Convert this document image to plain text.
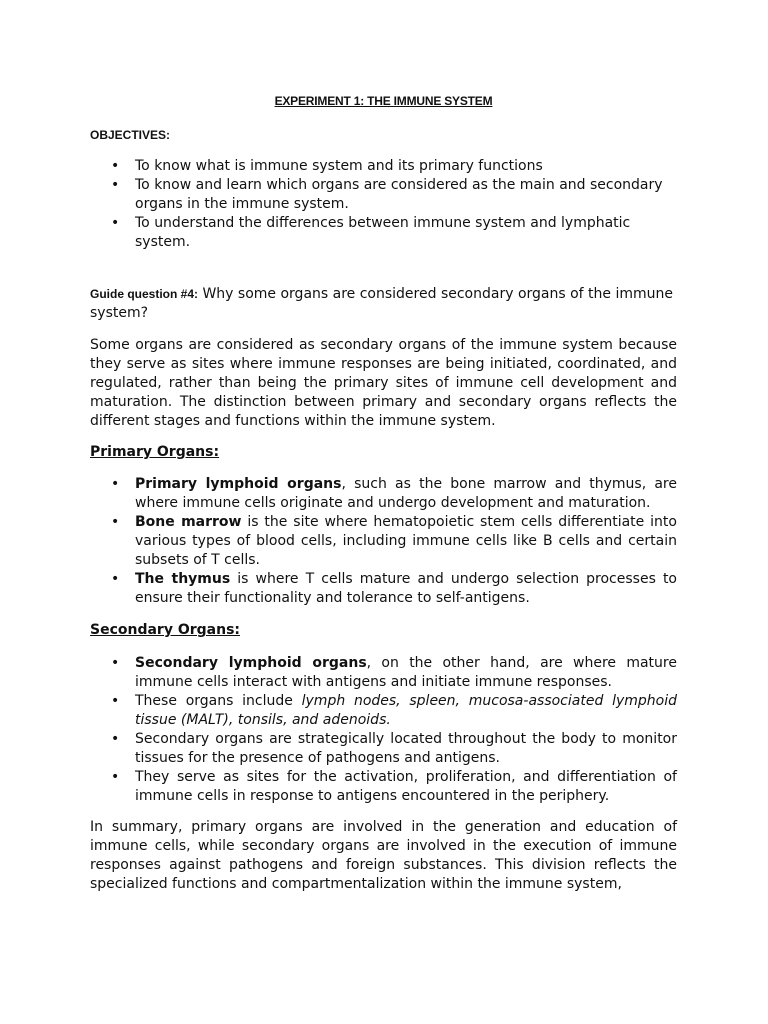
EXPERIMENT 1: THE IMMUNE SYSTEM
OBJECTIVES:
• To know what is immune system and its primary functions
• To know and learn which organs are considered as the main and secondary organs in the immune system.
• To understand the differences between immune system and lymphatic system.
Guide question #4: Why some organs are considered secondary organs of the immune system?
Some organs are considered as secondary organs of the immune system because they serve as sites where immune responses are being initiated, coordinated, and regulated, rather than being the primary sites of immune cell development and maturation. The distinction between primary and secondary organs reflects the different stages and functions within the immune system.
Primary Organs:
• Primary lymphoid organs, such as the bone marrow and thymus, are where immune cells originate and undergo development and maturation.
• Bone marrow is the site where hematopoietic stem cells differentiate into various types of blood cells, including immune cells like B cells and certain subsets of T cells.
• The thymus is where T cells mature and undergo selection processes to ensure their functionality and tolerance to self-antigens.
Secondary Organs:
• Secondary lymphoid organs, on the other hand, are where mature immune cells interact with antigens and initiate immune responses.
• These organs include lymph nodes, spleen, mucosa-associated lymphoid tissue (MALT), tonsils, and adenoids.
• Secondary organs are strategically located throughout the body to monitor tissues for the presence of pathogens and antigens.
• They serve as sites for the activation, proliferation, and differentiation of immune cells in response to antigens encountered in the periphery.
In summary, primary organs are involved in the generation and education of immune cells, while secondary organs are involved in the execution of immune responses against pathogens and foreign substances. This division reflects the specialized functions and compartmentalization within the immune system,
